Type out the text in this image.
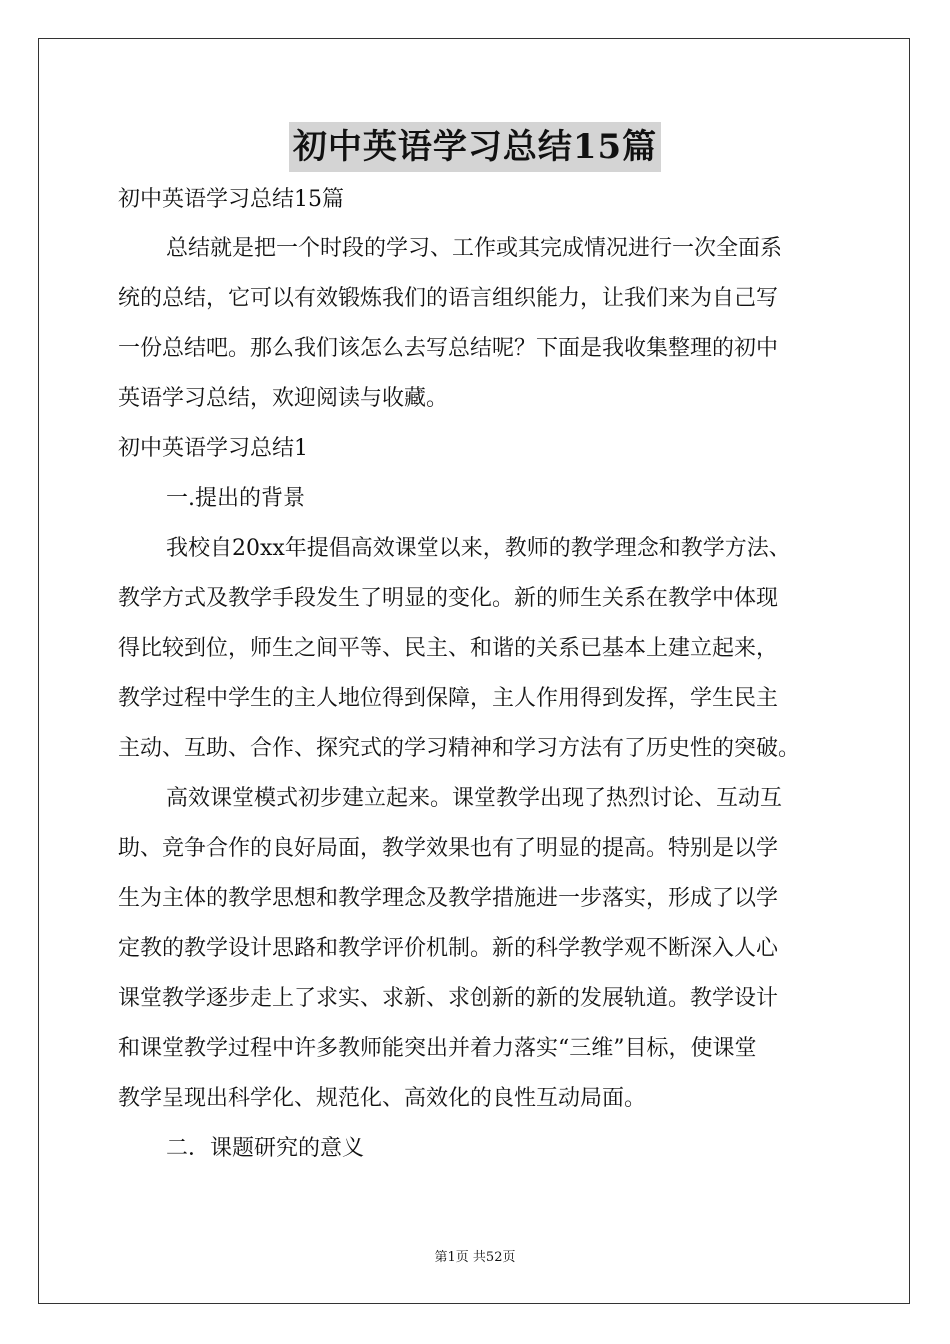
初中英语学习总结15篇
初中英语学习总结15篇
总结就是把一个时段的学习、工作或其完成情况进行一次全面系
统的总结，它可以有效锻炼我们的语言组织能力，让我们来为自己写
一份总结吧。那么我们该怎么去写总结呢？下面是我收集整理的初中
英语学习总结，欢迎阅读与收藏。
初中英语学习总结1
一.提出的背景
我校自20xx年提倡高效课堂以来，教师的教学理念和教学方法、
教学方式及教学手段发生了明显的变化。新的师生关系在教学中体现
得比较到位，师生之间平等、民主、和谐的关系已基本上建立起来，
教学过程中学生的主人地位得到保障，主人作用得到发挥，学生民主
主动、互助、合作、探究式的学习精神和学习方法有了历史性的突破。
高效课堂模式初步建立起来。课堂教学出现了热烈讨论、互动互
助、竞争合作的良好局面，教学效果也有了明显的提高。特别是以学
生为主体的教学思想和教学理念及教学措施进一步落实，形成了以学
定教的教学设计思路和教学评价机制。新的科学教学观不断深入人心
课堂教学逐步走上了求实、求新、求创新的新的发展轨道。教学设计
和课堂教学过程中许多教师能突出并着力落实“三维”目标，使课堂
教学呈现出科学化、规范化、高效化的良性互动局面。
二．课题研究的意义
第1页 共52页
